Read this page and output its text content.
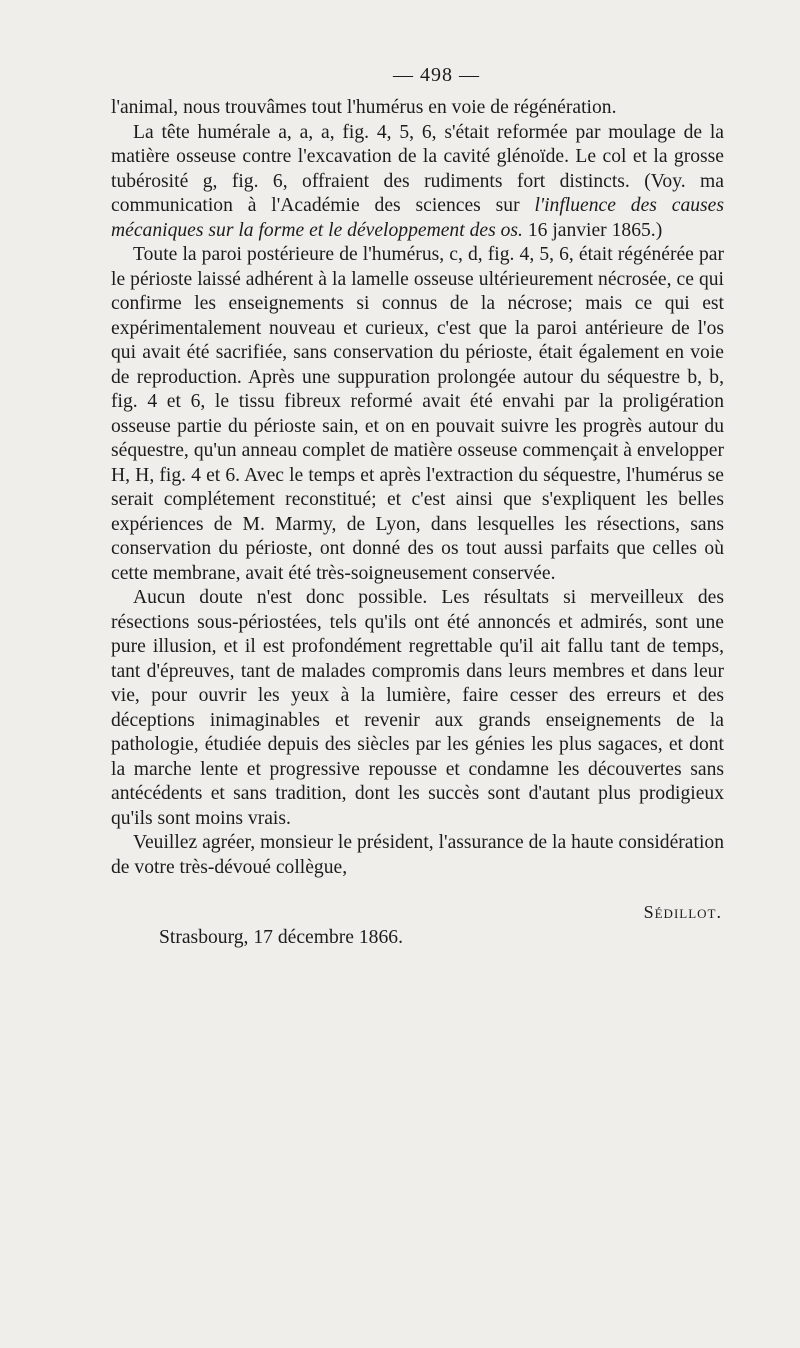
— 498 —

l'animal, nous trouvâmes tout l'humérus en voie de régénération.

La tête humérale a, a, a, fig. 4, 5, 6, s'était reformée par moulage de la matière osseuse contre l'excavation de la cavité glénoïde. Le col et la grosse tubérosité g, fig. 6, offraient des rudiments fort distincts. (Voy. ma communication à l'Académie des sciences sur l'influence des causes mécaniques sur la forme et le développement des os. 16 janvier 1865.)

Toute la paroi postérieure de l'humérus, c, d, fig. 4, 5, 6, était régénérée par le périoste laissé adhérent à la lamelle osseuse ultérieurement nécrosée, ce qui confirme les enseignements si connus de la nécrose; mais ce qui est expérimentalement nouveau et curieux, c'est que la paroi antérieure de l'os qui avait été sacrifiée, sans conservation du périoste, était également en voie de reproduction. Après une suppuration prolongée autour du séquestre b, b, fig. 4 et 6, le tissu fibreux reformé avait été envahi par la proligération osseuse partie du périoste sain, et on en pouvait suivre les progrès autour du séquestre, qu'un anneau complet de matière osseuse commençait à envelopper H, H, fig. 4 et 6. Avec le temps et après l'extraction du séquestre, l'humérus se serait complétement reconstitué; et c'est ainsi que s'expliquent les belles expériences de M. Marmy, de Lyon, dans lesquelles les résections, sans conservation du périoste, ont donné des os tout aussi parfaits que celles où cette membrane, avait été très-soigneusement conservée.

Aucun doute n'est donc possible. Les résultats si merveilleux des résections sous-périostées, tels qu'ils ont été annoncés et admirés, sont une pure illusion, et il est profondément regrettable qu'il ait fallu tant de temps, tant d'épreuves, tant de malades compromis dans leurs membres et dans leur vie, pour ouvrir les yeux à la lumière, faire cesser des erreurs et des déceptions inimaginables et revenir aux grands enseignements de la pathologie, étudiée depuis des siècles par les génies les plus sagaces, et dont la marche lente et progressive repousse et condamne les découvertes sans antécédents et sans tradition, dont les succès sont d'autant plus prodigieux qu'ils sont moins vrais.

Veuillez agréer, monsieur le président, l'assurance de la haute considération de votre très-dévoué collègue,

Sédillot.
Strasbourg, 17 décembre 1866.
